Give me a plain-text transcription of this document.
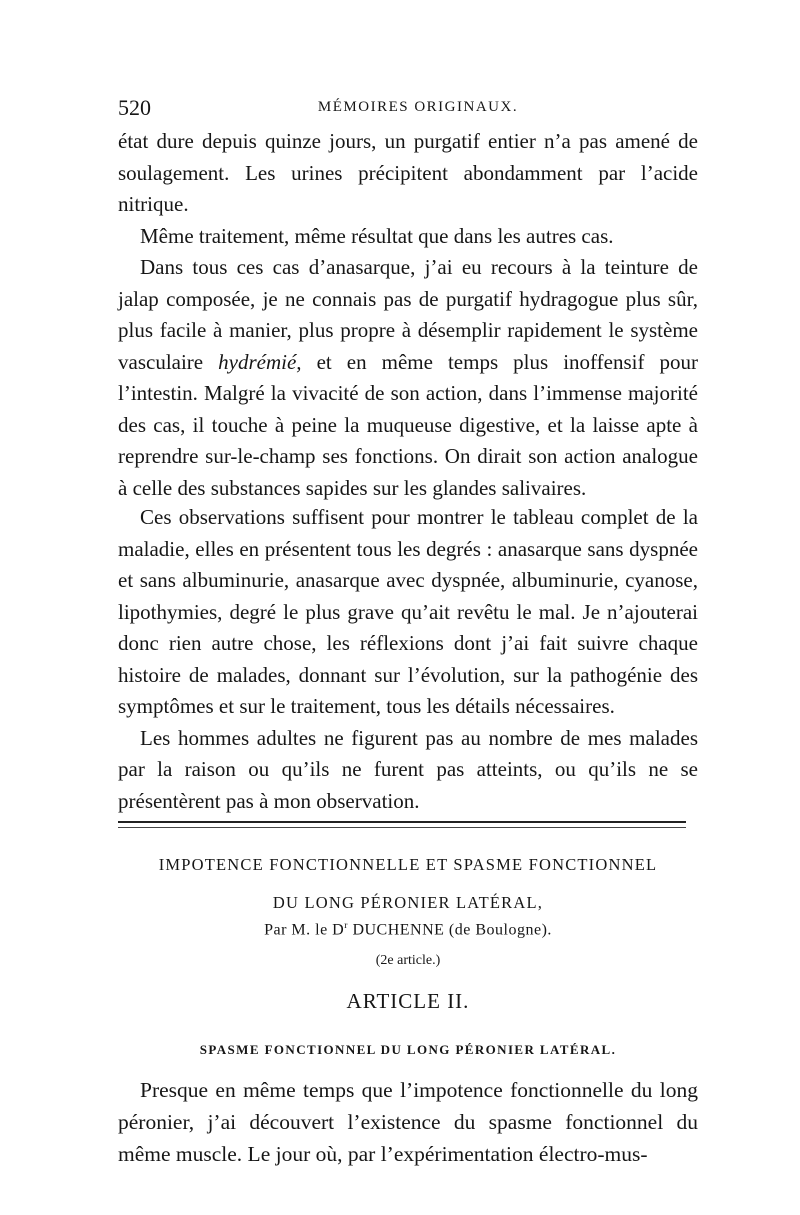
520	MÉMOIRES ORIGINAUX.

état dure depuis quinze jours, un purgatif entier n’a pas amené de soulagement. Les urines précipitent abondamment par l’acide nitrique.

Même traitement, même résultat que dans les autres cas.

Dans tous ces cas d’anasarque, j’ai eu recours à la teinture de jalap composée, je ne connais pas de purgatif hydragogue plus sûr, plus facile à manier, plus propre à désemplir rapidement le système vasculaire hydrémié, et en même temps plus inoffensif pour l’intestin. Malgré la vivacité de son action, dans l’immense majorité des cas, il touche à peine la muqueuse digestive, et la laisse apte à reprendre sur-le-champ ses fonctions. On dirait son action analogue à celle des substances sapides sur les glandes salivaires.

Ces observations suffisent pour montrer le tableau complet de la maladie, elles en présentent tous les degrés : anasarque sans dyspnée et sans albuminurie, anasarque avec dyspnée, albuminurie, cyanose, lipothymies, degré le plus grave qu’ait revêtu le mal. Je n’ajouterai donc rien autre chose, les réflexions dont j’ai fait suivre chaque histoire de malades, donnant sur l’évolution, sur la pathogénie des symptômes et sur le traitement, tous les détails nécessaires.

Les hommes adultes ne figurent pas au nombre de mes malades par la raison ou qu’ils ne furent pas atteints, ou qu’ils ne se présentèrent pas à mon observation.

IMPOTENCE FONCTIONNELLE ET SPASME FONCTIONNEL
DU LONG PÉRONIER LATÉRAL,
Par M. le $D^r$ DUCHENNE (de Boulogne).
(2e article.)
ARTICLE II.
SPASME FONCTIONNEL DU LONG PÉRONIER LATÉRAL.

Presque en même temps que l’impotence fonctionnelle du long péronier, j’ai découvert l’existence du spasme fonctionnel du même muscle. Le jour où, par l’expérimentation électro-mus-
